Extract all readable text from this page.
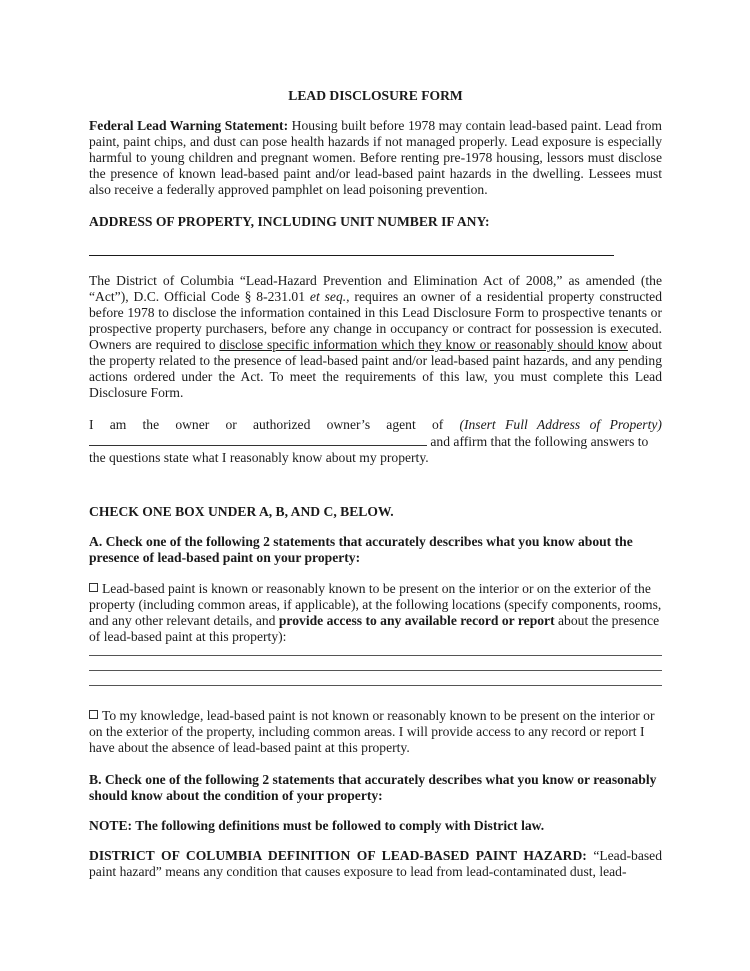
LEAD DISCLOSURE FORM

Federal Lead Warning Statement: Housing built before 1978 may contain lead-based paint. Lead from paint, paint chips, and dust can pose health hazards if not managed properly. Lead exposure is especially harmful to young children and pregnant women. Before renting pre-1978 housing, lessors must disclose the presence of known lead-based paint and/or lead-based paint hazards in the dwelling. Lessees must also receive a federally approved pamphlet on lead poisoning prevention.

ADDRESS OF PROPERTY, INCLUDING UNIT NUMBER IF ANY:

The District of Columbia “Lead-Hazard Prevention and Elimination Act of 2008,” as amended (the “Act”), D.C. Official Code § 8-231.01 et seq., requires an owner of a residential property constructed before 1978 to disclose the information contained in this Lead Disclosure Form to prospective tenants or prospective property purchasers, before any change in occupancy or contract for possession is executed. Owners are required to disclose specific information which they know or reasonably should know about the property related to the presence of lead-based paint and/or lead-based paint hazards, and any pending actions ordered under the Act. To meet the requirements of this law, you must complete this Lead Disclosure Form.

I am the owner or authorized owner’s agent of (Insert Full Address of Property)
and affirm that the following answers to
the questions state what I reasonably know about my property.

CHECK ONE BOX UNDER A, B, AND C, BELOW.

A. Check one of the following 2 statements that accurately describes what you know about the presence of lead-based paint on your property:

Lead-based paint is known or reasonably known to be present on the interior or on the exterior of the property (including common areas, if applicable), at the following locations (specify components, rooms, and any other relevant details, and provide access to any available record or report about the presence of lead-based paint at this property):

To my knowledge, lead-based paint is not known or reasonably known to be present on the interior or on the exterior of the property, including common areas. I will provide access to any record or report I have about the absence of lead-based paint at this property.

B. Check one of the following 2 statements that accurately describes what you know or reasonably should know about the condition of your property:

NOTE: The following definitions must be followed to comply with District law.

DISTRICT OF COLUMBIA DEFINITION OF LEAD-BASED PAINT HAZARD: “Lead-based paint hazard” means any condition that causes exposure to lead from lead-contaminated dust, lead-
